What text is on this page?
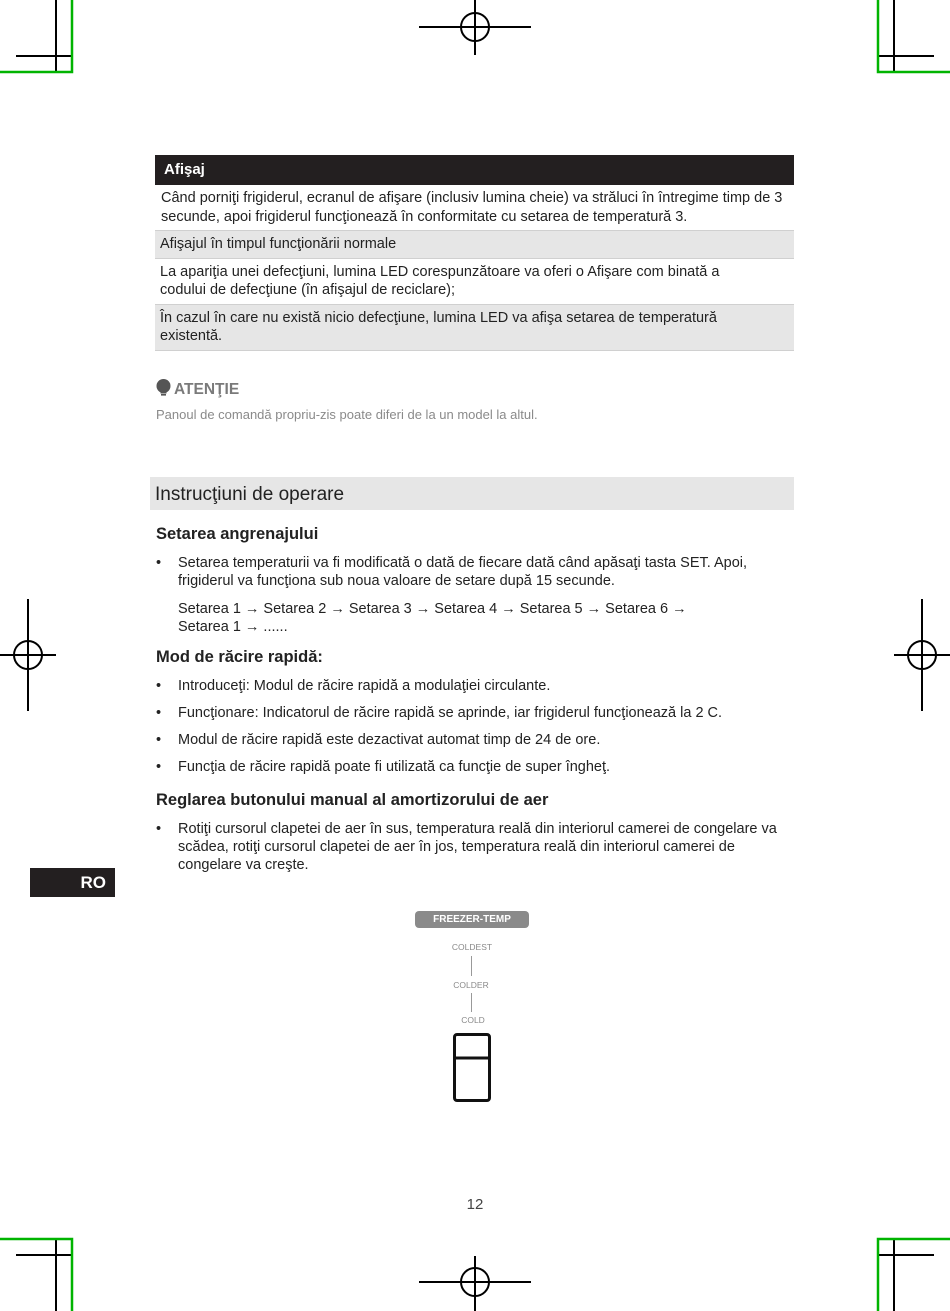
Afişaj
Când porniţi frigiderul, ecranul de afişare (inclusiv lumina cheie) va străluci în întregime timp de 3 secunde, apoi frigiderul funcţionează în conformitate cu setarea de temperatură 3.
Afişajul în timpul funcţionării normale
La apariţia unei defecţiuni, lumina LED corespunzătoare va oferi o Afişare com binată a codului de defecţiune (în afişajul de reciclare);
În cazul în care nu există nicio defecţiune, lumina LED va afişa setarea de temperatură existentă.
ATENŢIE
Panoul de comandă propriu-zis poate diferi de la un model la altul.
Instrucţiuni de operare
Setarea angrenajului
•	Setarea temperaturii va fi modificată o dată de fiecare dată când apăsaţi tasta SET. Apoi, frigiderul va funcţiona sub noua valoare de setare după 15 secunde.
Setarea 1 → Setarea 2 → Setarea 3 → Setarea 4 → Setarea 5 → Setarea 6 →
Setarea 1 → ......
Mod de răcire rapidă:
•	Introduceţi: Modul de răcire rapidă a modulaţiei circulante.
•	Funcţionare: Indicatorul de răcire rapidă se aprinde, iar frigiderul funcţionează la 2 C.
•	Modul de răcire rapidă este dezactivat automat timp de 24 de ore.
•	Funcţia de răcire rapidă poate fi utilizată ca funcţie de super îngheţ.
Reglarea butonului manual al amortizorului de aer
•	Rotiţi cursorul clapetei de aer în sus, temperatura reală din interiorul camerei de congelare va scădea, rotiţi cursorul clapetei de aer în jos, temperatura reală din interiorul camerei de congelare va creşte.
RO
FREEZER-TEMP
COLDEST
COLDER
COLD
12
